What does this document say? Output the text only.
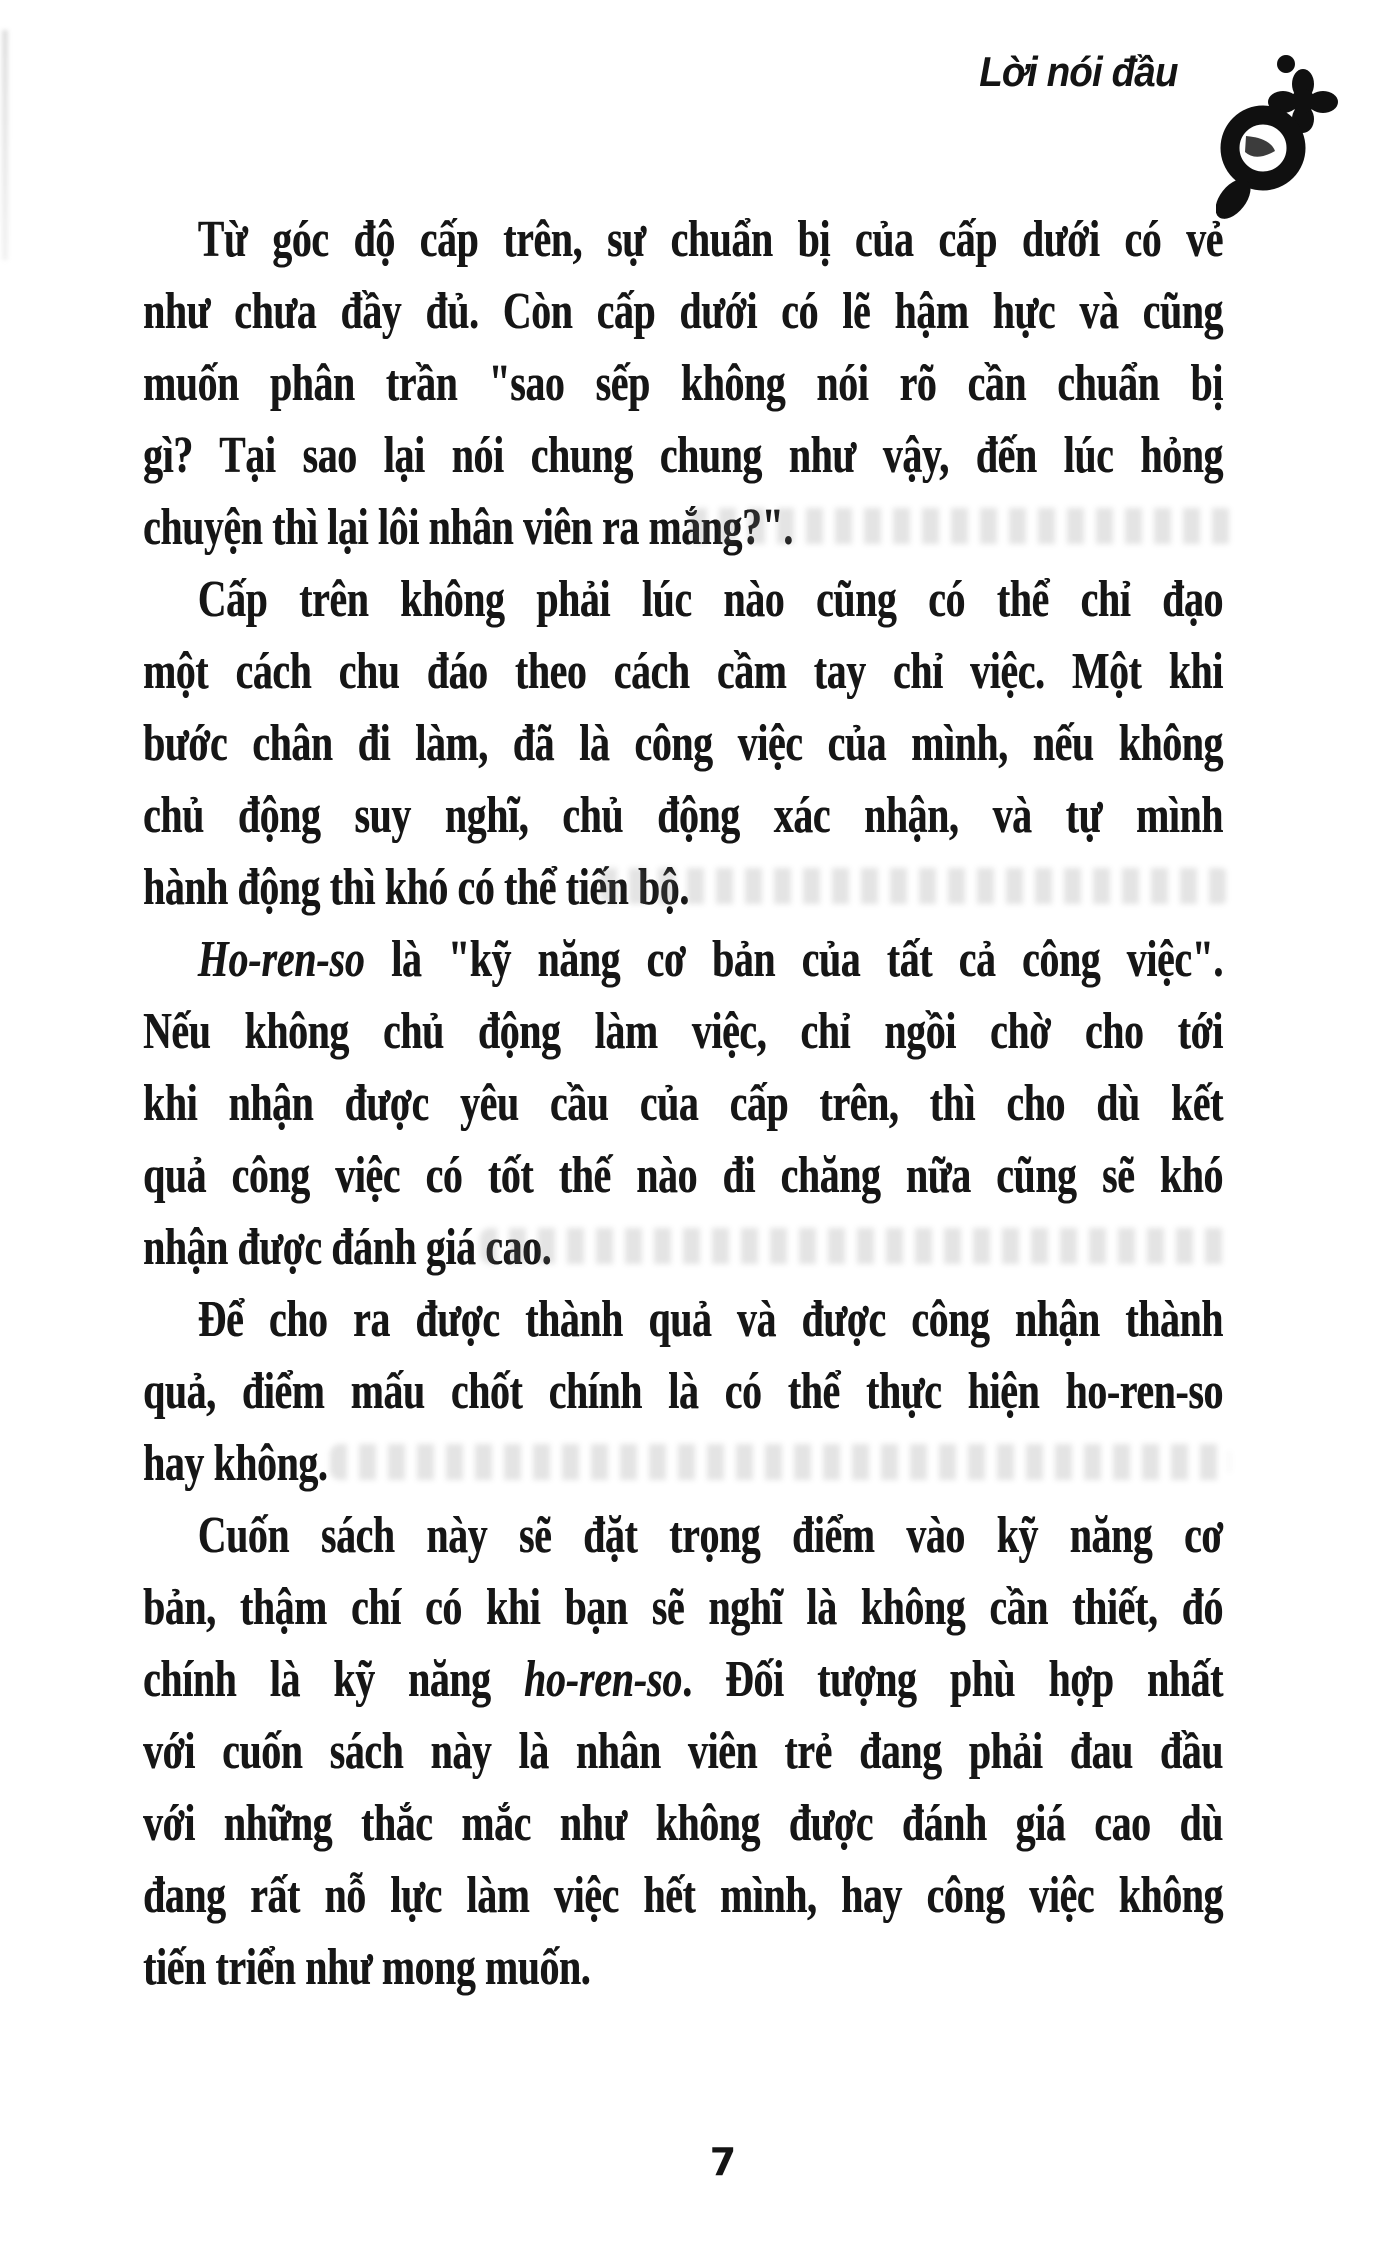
Lời nói đầu
Từ góc độ cấp trên, sự chuẩn bị của cấp dưới có vẻ
như chưa đầy đủ. Còn cấp dưới có lẽ hậm hực và cũng
muốn phân trần "sao sếp không nói rõ cần chuẩn bị
gì? Tại sao lại nói chung chung như vậy, đến lúc hỏng
chuyện thì lại lôi nhân viên ra mắng?".
Cấp trên không phải lúc nào cũng có thể chỉ đạo
một cách chu đáo theo cách cầm tay chỉ việc. Một khi
bước chân đi làm, đã là công việc của mình, nếu không
chủ động suy nghĩ, chủ động xác nhận, và tự mình
hành động thì khó có thể tiến bộ.
Ho-ren-so là "kỹ năng cơ bản của tất cả công việc".
Nếu không chủ động làm việc, chỉ ngồi chờ cho tới
khi nhận được yêu cầu của cấp trên, thì cho dù kết
quả công việc có tốt thế nào đi chăng nữa cũng sẽ khó
nhận được đánh giá cao.
Để cho ra được thành quả và được công nhận thành
quả, điểm mấu chốt chính là có thể thực hiện ho-ren-so
hay không.
Cuốn sách này sẽ đặt trọng điểm vào kỹ năng cơ
bản, thậm chí có khi bạn sẽ nghĩ là không cần thiết, đó
chính là kỹ năng ho-ren-so. Đối tượng phù hợp nhất
với cuốn sách này là nhân viên trẻ đang phải đau đầu
với những thắc mắc như không được đánh giá cao dù
đang rất nỗ lực làm việc hết mình, hay công việc không
tiến triển như mong muốn.
7
